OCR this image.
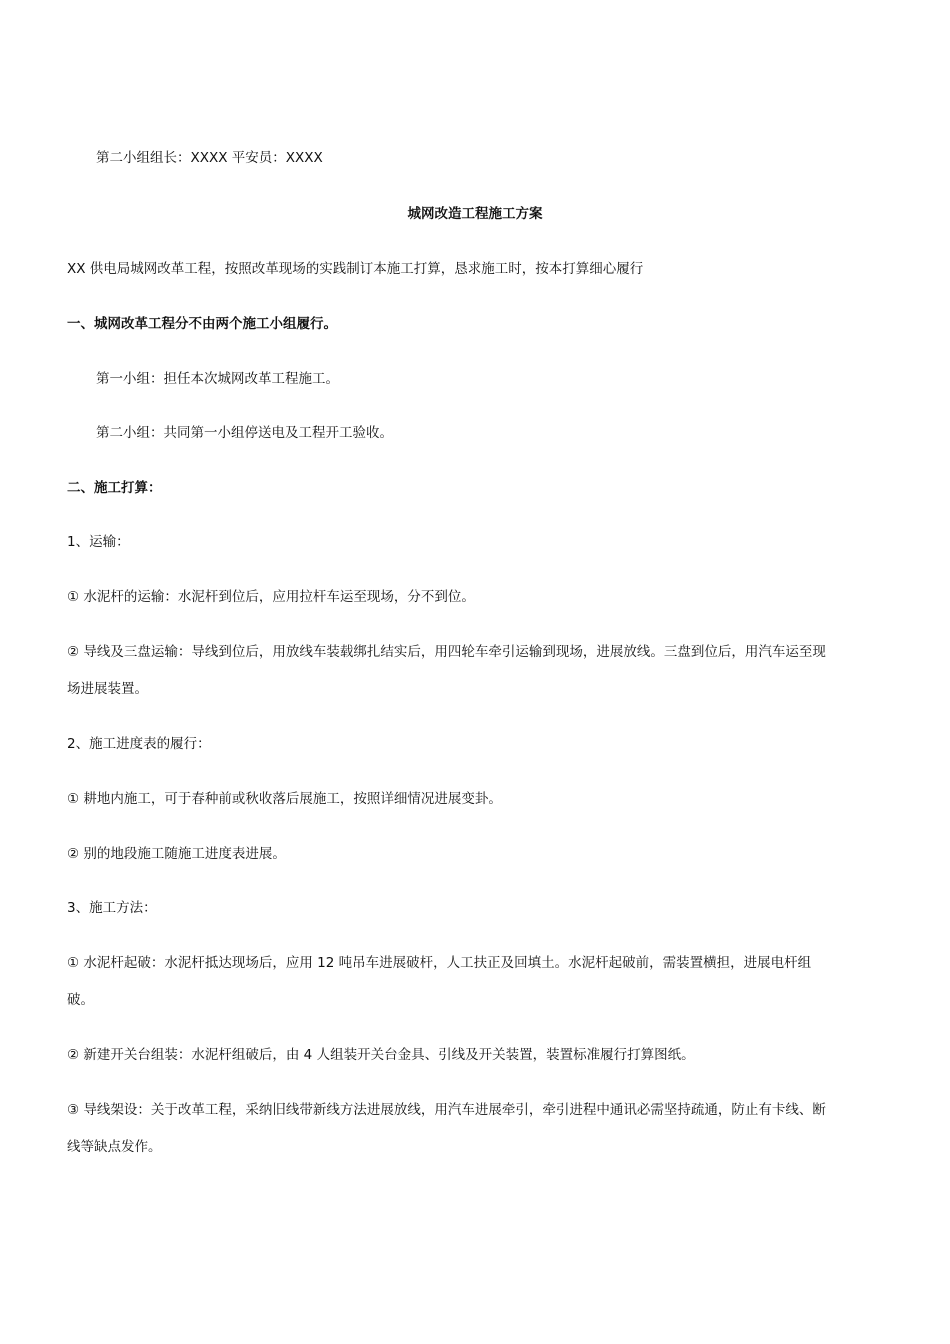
第二小组组长：XXXX 平安员：XXXX
城网改造工程施工方案
XX 供电局城网改革工程，按照改革现场的实践制订本施工打算，恳求施工时，按本打算细心履行
一、城网改革工程分不由两个施工小组履行。
第一小组：担任本次城网改革工程施工。
第二小组：共同第一小组停送电及工程开工验收。
二、施工打算：
1、运输：
① 水泥杆的运输：水泥杆到位后，应用拉杆车运至现场，分不到位。
② 导线及三盘运输：导线到位后，用放线车装载绑扎结实后，用四轮车牵引运输到现场，进展放线。三盘到位后，用汽车运至现
场进展装置。
2、施工进度表的履行：
① 耕地内施工，可于春种前或秋收落后展施工，按照详细情况进展变卦。
② 别的地段施工随施工进度表进展。
3、施工方法：
① 水泥杆起破：水泥杆抵达现场后，应用 12 吨吊车进展破杆，人工扶正及回填土。水泥杆起破前，需装置横担，进展电杆组
破。
② 新建开关台组装：水泥杆组破后，由 4 人组装开关台金具、引线及开关装置，装置标准履行打算图纸。
③ 导线架设：关于改革工程，采纳旧线带新线方法进展放线，用汽车进展牵引，牵引进程中通讯必需坚持疏通，防止有卡线、断
线等缺点发作。
